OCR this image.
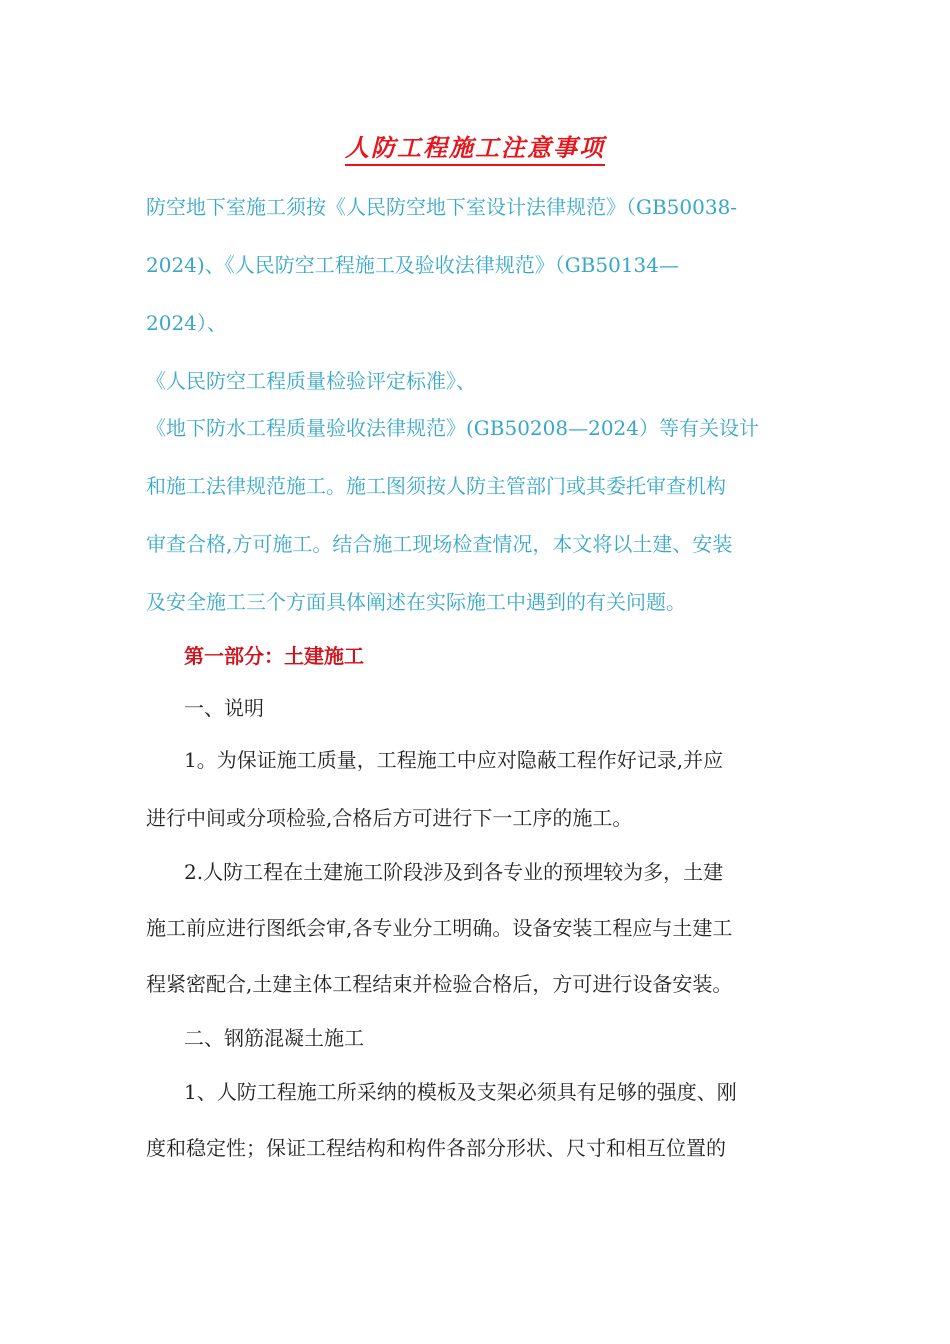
人防工程施工注意事项
防空地下室施工须按《人民防空地下室设计法律规范》（GB50038-
2024)、《人民防空工程施工及验收法律规范》（GB50134—
2024）、
《人民防空工程质量检验评定标准》、
《地下防水工程质量验收法律规范》(GB50208—2024）等有关设计
和施工法律规范施工。施工图须按人防主管部门或其委托审查机构
审查合格,方可施工。结合施工现场检查情况，本文将以土建、安装
及安全施工三个方面具体阐述在实际施工中遇到的有关问题。
第一部分：土建施工
一、说明
1。为保证施工质量，工程施工中应对隐蔽工程作好记录,并应
进行中间或分项检验,合格后方可进行下一工序的施工。
2.人防工程在土建施工阶段涉及到各专业的预埋较为多，土建
施工前应进行图纸会审,各专业分工明确。设备安装工程应与土建工
程紧密配合,土建主体工程结束并检验合格后，方可进行设备安装。
二、钢筋混凝土施工
1、人防工程施工所采纳的模板及支架必须具有足够的强度、刚
度和稳定性；保证工程结构和构件各部分形状、尺寸和相互位置的
